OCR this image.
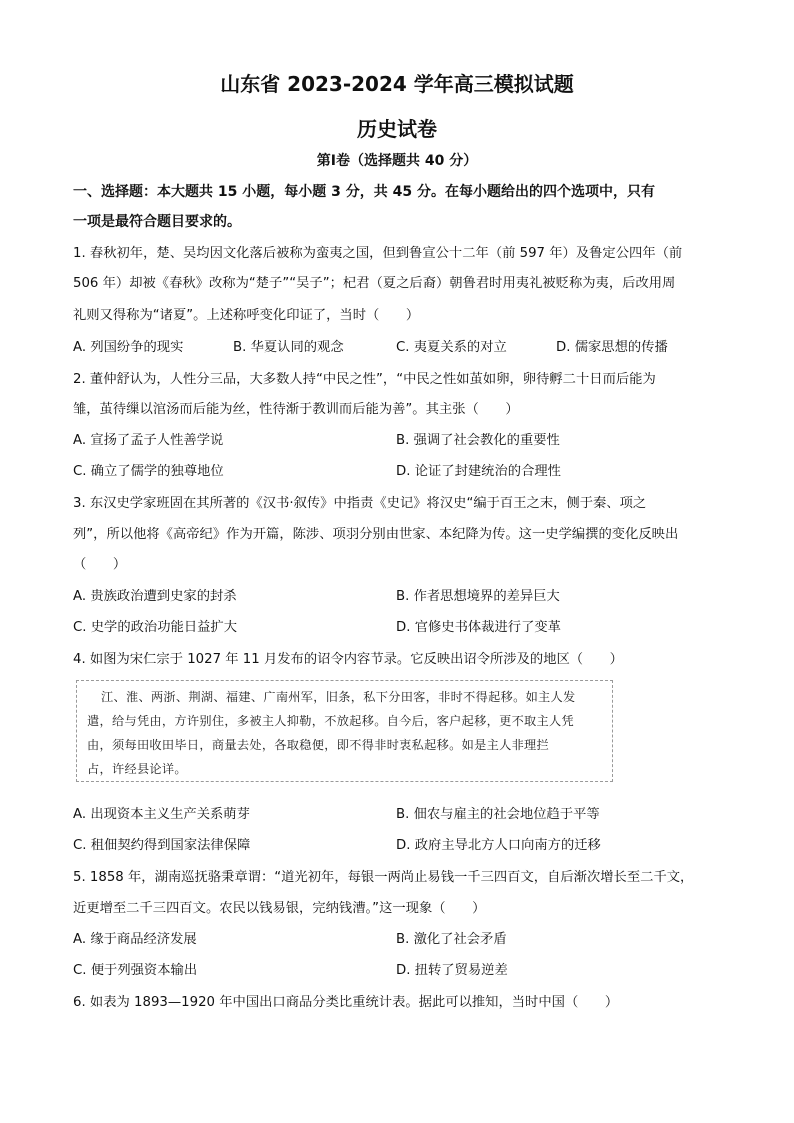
山东省 2023-2024 学年高三模拟试题
历史试卷
第Ⅰ卷（选择题共 40 分）
一、选择题：本大题共 15 小题，每小题 3 分，共 45 分。在每小题给出的四个选项中，只有
一项是最符合题目要求的。
1. 春秋初年，楚、吴均因文化落后被称为蛮夷之国，但到鲁宣公十二年（前 597 年）及鲁定公四年（前
506 年）却被《春秋》改称为“楚子”“吴子”；杞君（夏之后裔）朝鲁君时用夷礼被贬称为夷，后改用周
礼则又得称为“诸夏”。上述称呼变化印证了，当时（　　）
A. 列国纷争的现实	B. 华夏认同的观念	C. 夷夏关系的对立	D. 儒家思想的传播
2. 董仲舒认为，人性分三品，大多数人持“中民之性”，“中民之性如茧如卵，卵待孵二十日而后能为
雏，茧待缫以涫汤而后能为丝，性待渐于教训而后能为善”。其主张（　　）
A. 宣扬了孟子人性善学说	B. 强调了社会教化的重要性
C. 确立了儒学的独尊地位	D. 论证了封建统治的合理性
3. 东汉史学家班固在其所著的《汉书·叙传》中指责《史记》将汉史“编于百王之末，侧于秦、项之
列”，所以他将《高帝纪》作为开篇，陈涉、项羽分别由世家、本纪降为传。这一史学编撰的变化反映出
（　　）
A. 贵族政治遭到史家的封杀	B. 作者思想境界的差异巨大
C. 史学的政治功能日益扩大	D. 官修史书体裁进行了变革
4. 如图为宋仁宗于 1027 年 11 月发布的诏令内容节录。它反映出诏令所涉及的地区（　　）
江、淮、两浙、荆湖、福建、广南州军，旧条，私下分田客，非时不得起移。如主人发
遣，给与凭由，方许别住，多被主人抑勒，不放起移。自今后，客户起移，更不取主人凭
由，须每田收田毕日，商量去处，各取稳便，即不得非时衷私起移。如是主人非理拦
占，许经县论详。
A. 出现资本主义生产关系萌芽	B. 佃农与雇主的社会地位趋于平等
C. 租佃契约得到国家法律保障	D. 政府主导北方人口向南方的迁移
5. 1858 年，湖南巡抚骆秉章谓：“道光初年，每银一两尚止易钱一千三四百文，自后渐次增长至二千文，
近更增至二千三四百文。农民以钱易银，完纳钱漕。”这一现象（　　）
A. 缘于商品经济发展	B. 激化了社会矛盾
C. 便于列强资本输出	D. 扭转了贸易逆差
6. 如表为 1893—1920 年中国出口商品分类比重统计表。据此可以推知，当时中国（　　）
